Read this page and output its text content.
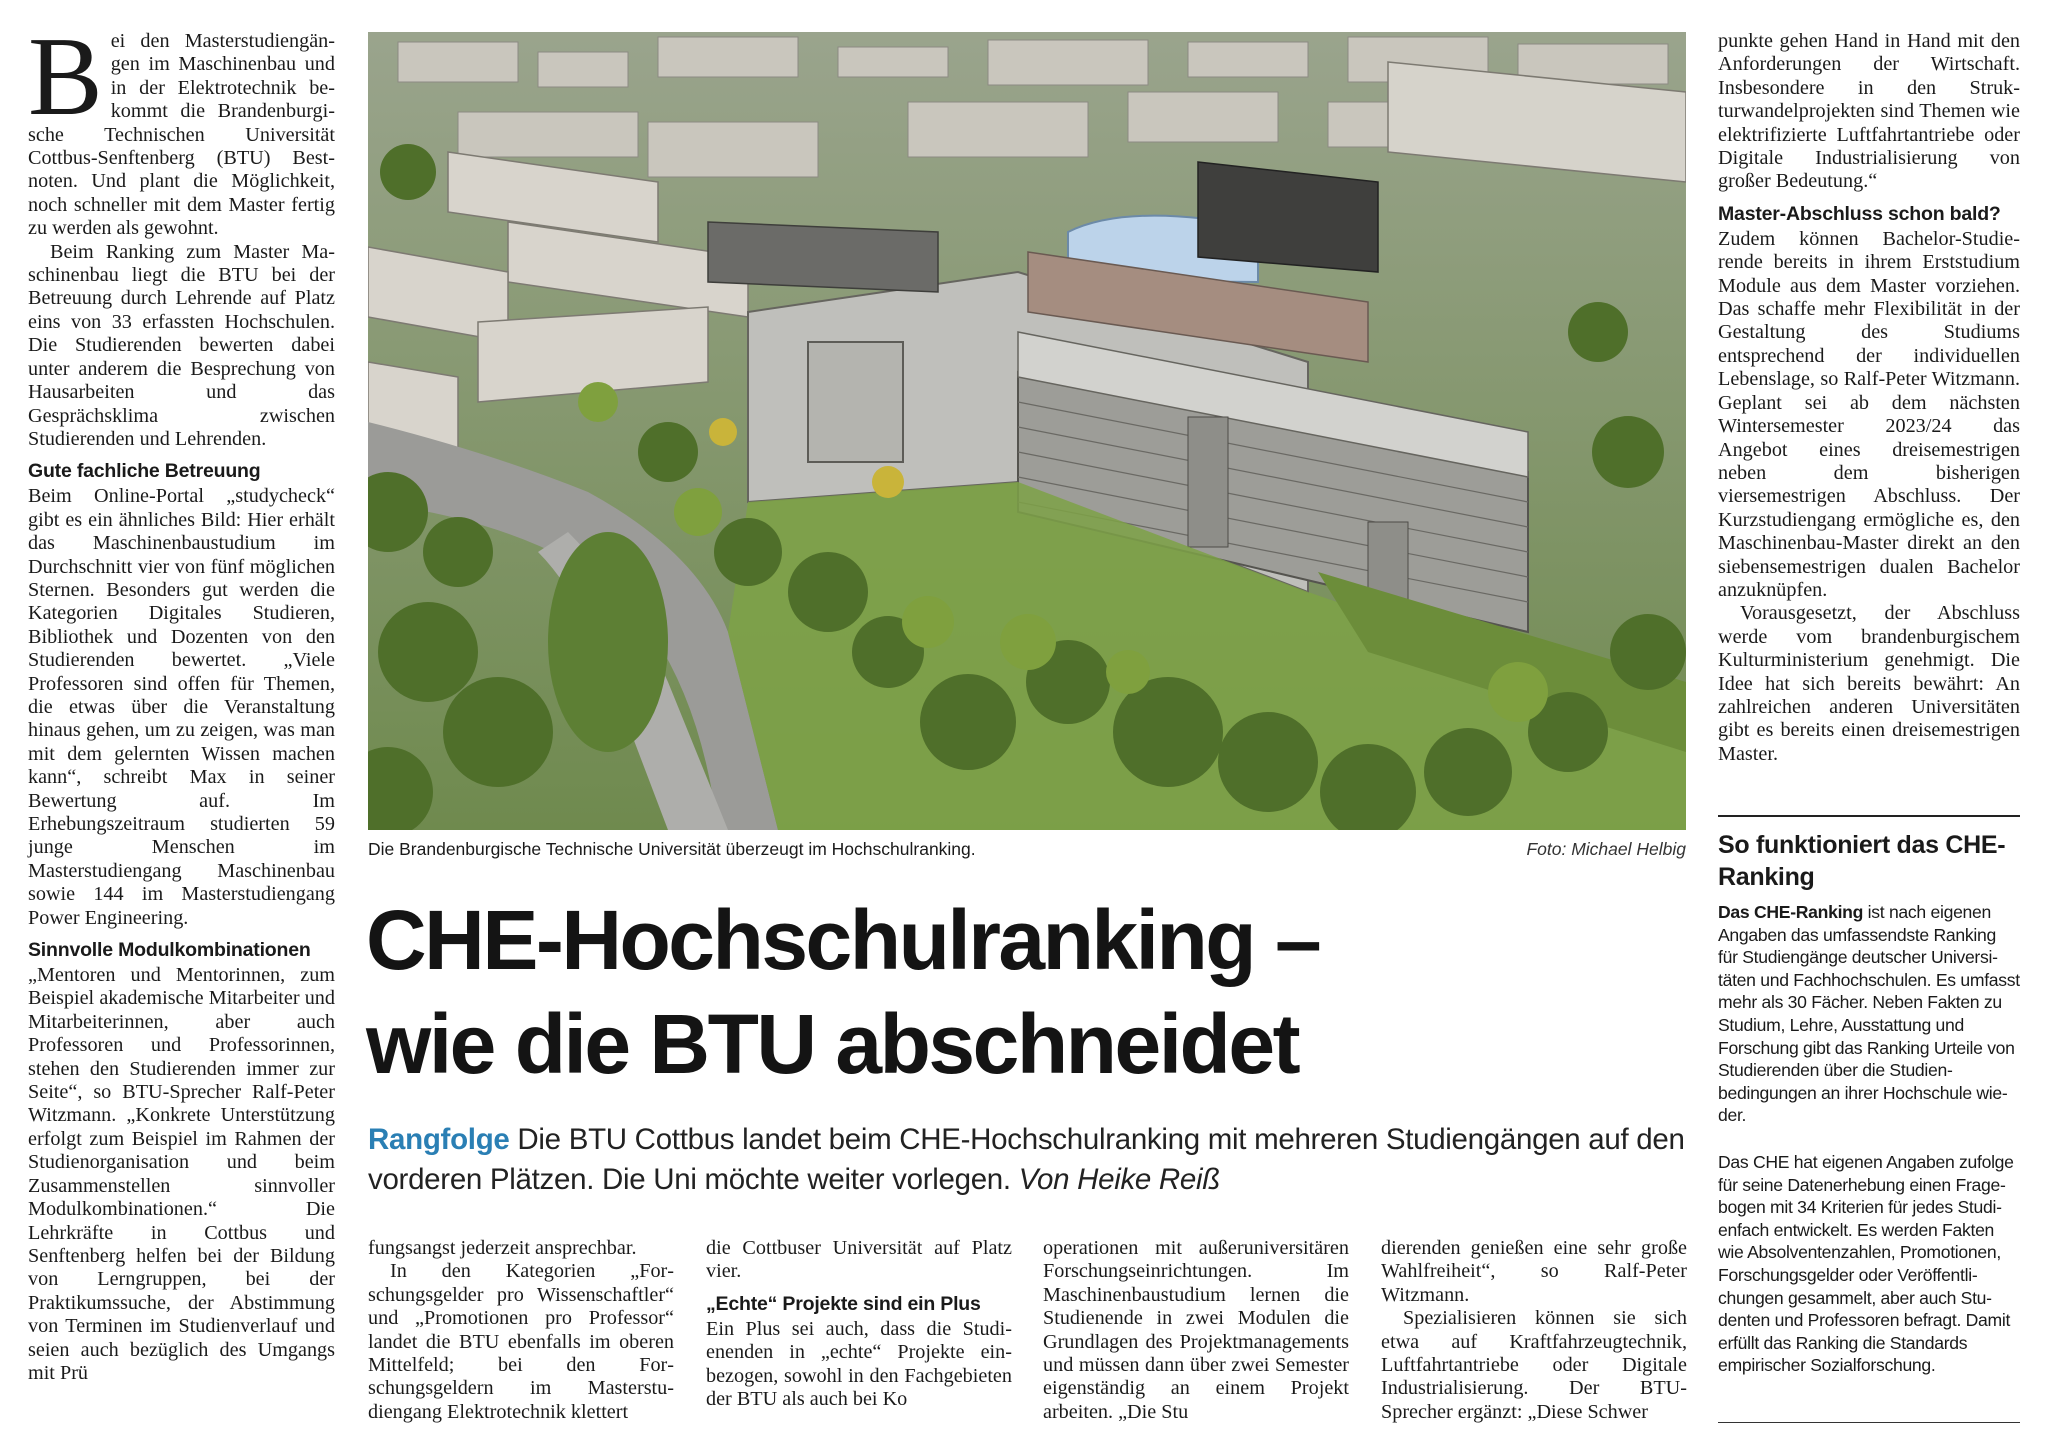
Bei den Masterstudiengängen im Maschinenbau und in der Elektrotechnik bekommt die Brandenburgische Technischen Universität Cottbus-Senftenberg (BTU) Bestnoten. Und plant die Möglichkeit, noch schneller mit dem Master fertig zu werden als gewohnt.

Beim Ranking zum Master Maschinenbau liegt die BTU bei der Betreuung durch Lehrende auf Platz eins von 33 erfassten Hochschulen. Die Studierenden bewerten dabei unter anderem die Besprechung von Hausarbeiten und das Gesprächsklima zwischen Studierenden und Lehrenden.

Gute fachliche Betreuung

Beim Online-Portal „studycheck“ gibt es ein ähnliches Bild: Hier erhält das Maschinenbaustudium im Durchschnitt vier von fünf möglichen Sternen. Besonders gut werden die Kategorien Digitales Studieren, Bibliothek und Dozenten von den Studierenden bewertet. „Viele Professoren sind offen für Themen, die etwas über die Veranstaltung hinaus gehen, um zu zeigen, was man mit dem gelernten Wissen machen kann“, schreibt Max in seiner Bewertung auf. Im Erhebungszeitraum studierten 59 junge Menschen im Masterstudiengang Maschinenbau sowie 144 im Masterstudiengang Power Engineering.

Sinnvolle Modulkombinationen

„Mentoren und Mentorinnen, zum Beispiel akademische Mitarbeiter und Mitarbeiterinnen, aber auch Professoren und Professorinnen, stehen den Studierenden immer zur Seite“, so BTU-Sprecher Ralf-Peter Witzmann. „Konkrete Unterstützung erfolgt zum Beispiel im Rahmen der Studienorganisation und beim Zusammenstellen sinnvoller Modulkombinationen.“ Die Lehrkräfte in Cottbus und Senftenberg helfen bei der Bildung von Lerngruppen, bei der Praktikumssuche, der Abstimmung von Terminen im Studienverlauf und seien auch bezüglich des Umgangs mit Prü

Die Brandenburgische Technische Universität überzeugt im Hochschulranking.	Foto: Michael Helbig
CHE-Hochschulranking –
wie die BTU abschneidet
Rangfolge Die BTU Cottbus landet beim CHE-Hochschulranking mit mehreren Studiengängen auf den vorderen Plätzen. Die Uni möchte weiter vorlegen. Von Heike Reiß

fungsangst jederzeit ansprechbar.

In den Kategorien „Forschungsgelder pro Wissenschaftler“ und „Promotionen pro Professor“ landet die BTU ebenfalls im oberen Mittelfeld; bei den Forschungsgeldern im Masterstudiengang Elektrotechnik klettert

die Cottbuser Universität auf Platz vier.

„Echte“ Projekte sind ein Plus

Ein Plus sei auch, dass die Studienenden in „echte“ Projekte einbezogen, sowohl in den Fachgebieten der BTU als auch bei Ko

operationen mit außeruniversitären Forschungseinrichtungen. Im Maschinenbaustudium lernen die Studienende in zwei Modulen die Grundlagen des Projektmanagements und müssen dann über zwei Semester eigenständig an einem Projekt arbeiten. „Die Stu

dierenden genießen eine sehr große Wahlfreiheit“, so Ralf-Peter Witzmann.

Spezialisieren können sie sich etwa auf Kraftfahrzeugtechnik, Luftfahrtantriebe oder Digitale Industrialisierung. Der BTU-Sprecher ergänzt: „Diese Schwer

punkte gehen Hand in Hand mit den Anforderungen der Wirtschaft. Insbesondere in den Strukturwandelprojekten sind Themen wie elektrifizierte Luftfahrtantriebe oder Digitale Industrialisierung von großer Bedeutung.“

Master-Abschluss schon bald?

Zudem können Bachelor-Studierende bereits in ihrem Erststudium Module aus dem Master vorziehen. Das schaffe mehr Flexibilität in der Gestaltung des Studiums entsprechend der individuellen Lebenslage, so Ralf-Peter Witzmann. Geplant sei ab dem nächsten Wintersemester 2023/24 das Angebot eines dreisemestrigen neben dem bisherigen viersemestrigen Abschluss. Der Kurzstudiengang ermögliche es, den Maschinenbau-Master direkt an den siebensemestrigen dualen Bachelor anzuknüpfen.

Vorausgesetzt, der Abschluss werde vom brandenburgischem Kulturministerium genehmigt. Die Idee hat sich bereits bewährt: An zahlreichen anderen Universitäten gibt es bereits einen dreisemestrigen Master.

So funktioniert das CHE-Ranking

Das CHE-Ranking ist nach eigenen Angaben das umfassendste Ranking für Studiengänge deutscher Universitäten und Fachhochschulen. Es umfasst mehr als 30 Fächer. Neben Fakten zu Studium, Lehre, Ausstattung und Forschung gibt das Ranking Urteile von Studierenden über die Studienbedingungen an ihrer Hochschule wieder.

Das CHE hat eigenen Angaben zufolge für seine Datenerhebung einen Fragebogen mit 34 Kriterien für jedes Studienfach entwickelt. Es werden Fakten wie Absolventenzahlen, Promotionen, Forschungsgelder oder Veröffentlichungen gesammelt, aber auch Studenten und Professoren befragt. Damit erfüllt das Ranking die Standards empirischer Sozialforschung.
